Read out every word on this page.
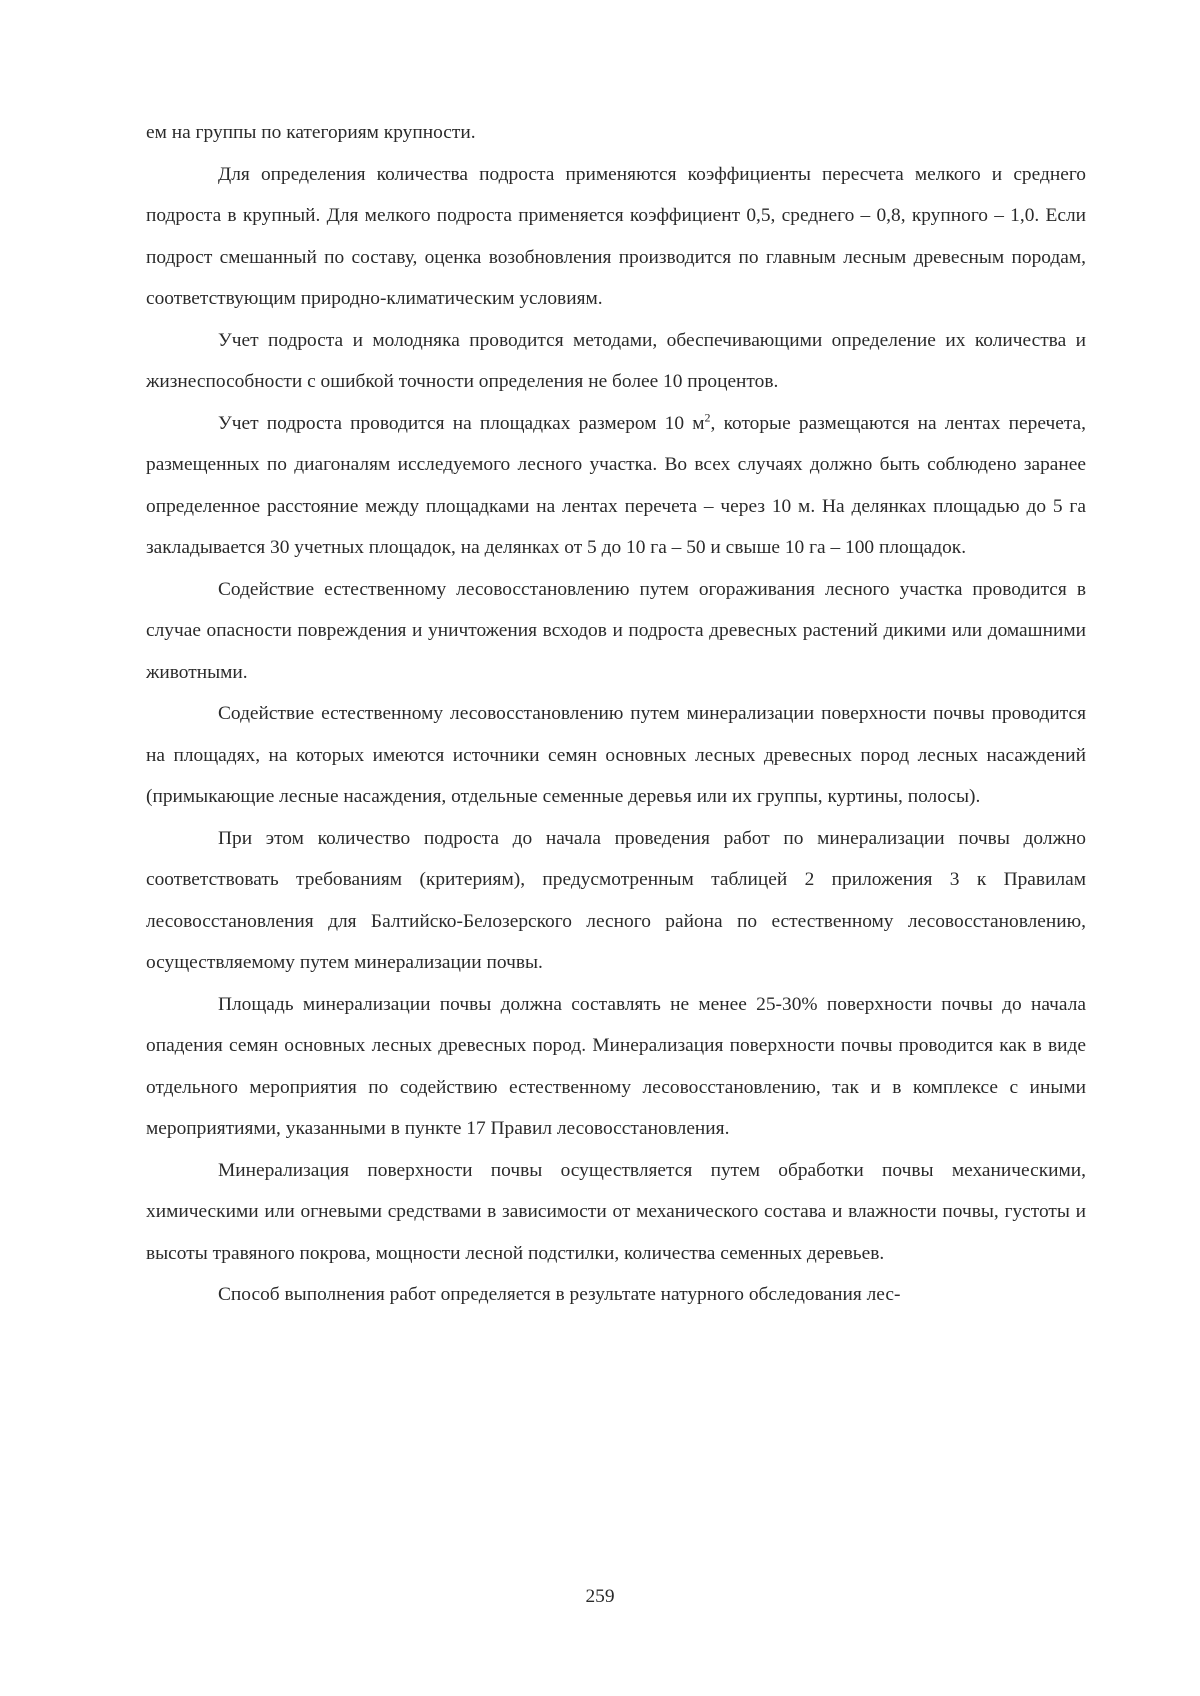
ем на группы по категориям крупности.

Для определения количества подроста применяются коэффициенты пересчета мелкого и среднего подроста в крупный. Для мелкого подроста применяется коэффициент 0,5, среднего – 0,8, крупного – 1,0. Если подрост смешанный по составу, оценка возобновления производится по главным лесным древесным породам, соответствующим природно-климатическим условиям.

Учет подроста и молодняка проводится методами, обеспечивающими определение их количества и жизнеспособности с ошибкой точности определения не более 10 процентов.

Учет подроста проводится на площадках размером 10 $м^2$, которые размещаются на лентах перечета, размещенных по диагоналям исследуемого лесного участка. Во всех случаях должно быть соблюдено заранее определенное расстояние между площадками на лентах перечета – через 10 м. На делянках площадью до 5 га закладывается 30 учетных площадок, на делянках от 5 до 10 га – 50 и свыше 10 га – 100 площадок.

Содействие естественному лесовосстановлению путем огораживания лесного участка проводится в случае опасности повреждения и уничтожения всходов и подроста древесных растений дикими или домашними животными.

Содействие естественному лесовосстановлению путем минерализации поверхности почвы проводится на площадях, на которых имеются источники семян основных лесных древесных пород лесных насаждений (примыкающие лесные насаждения, отдельные семенные деревья или их группы, куртины, полосы).

При этом количество подроста до начала проведения работ по минерализации почвы должно соответствовать требованиям (критериям), предусмотренным таблицей 2 приложения 3 к Правилам лесовосстановления для Балтийско-Белозерского лесного района по естественному лесовосстановлению, осуществляемому путем минерализации почвы.

Площадь минерализации почвы должна составлять не менее 25-30% поверхности почвы до начала опадения семян основных лесных древесных пород. Минерализация поверхности почвы проводится как в виде отдельного мероприятия по содействию естественному лесовосстановлению, так и в комплексе с иными мероприятиями, указанными в пункте 17 Правил лесовосстановления.

Минерализация поверхности почвы осуществляется путем обработки почвы механическими, химическими или огневыми средствами в зависимости от механического состава и влажности почвы, густоты и высоты травяного покрова, мощности лесной подстилки, количества семенных деревьев.

Способ выполнения работ определяется в результате натурного обследования лес-

259
